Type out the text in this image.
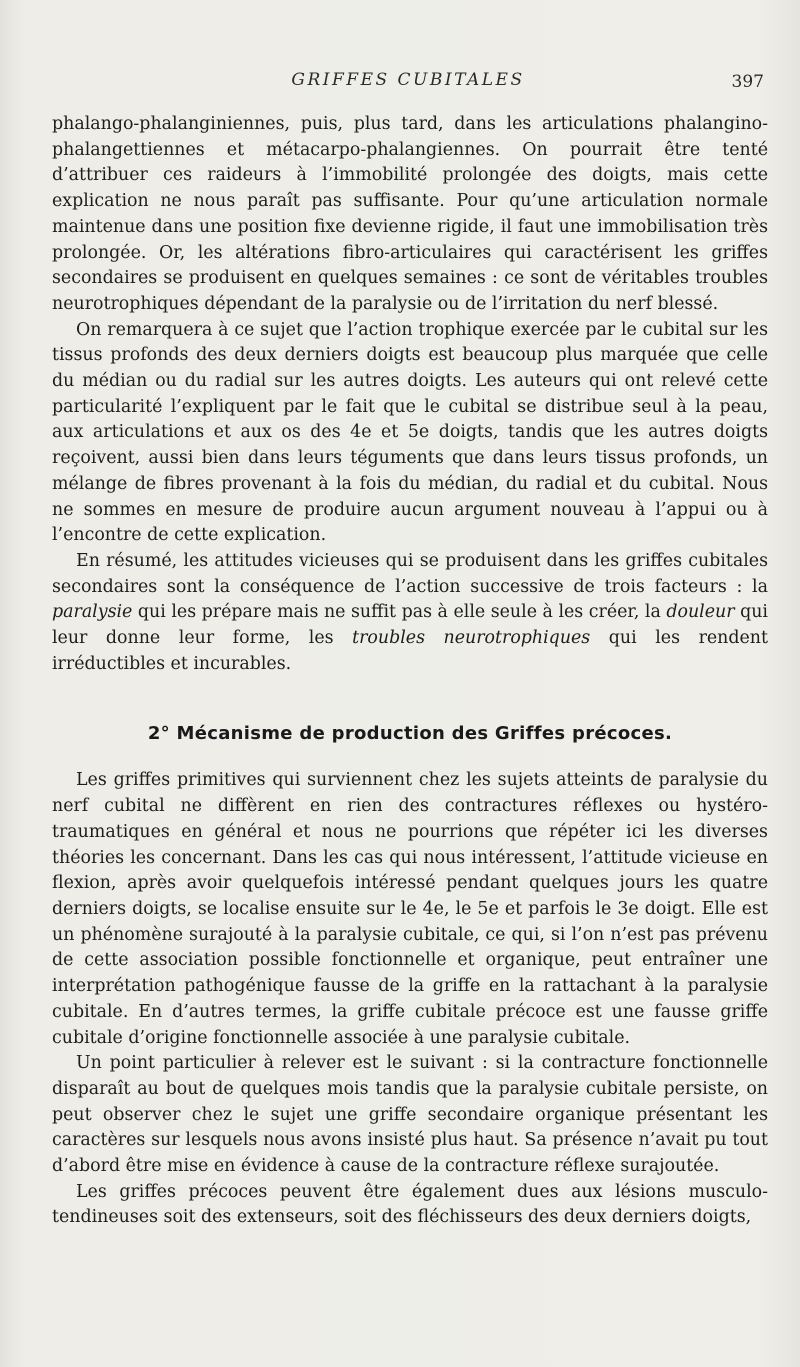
GRIFFES CUBITALES	397

phalango-phalanginiennes, puis, plus tard, dans les articulations phalangino-phalangettiennes et métacarpo-phalangiennes. On pourrait être tenté d’attribuer ces raideurs à l’immobilité prolongée des doigts, mais cette explication ne nous paraît pas suffisante. Pour qu’une articulation normale maintenue dans une position fixe devienne rigide, il faut une immobilisation très prolongée. Or, les altérations fibro-articulaires qui caractérisent les griffes secondaires se produisent en quelques semaines : ce sont de véritables troubles neurotrophiques dépendant de la paralysie ou de l’irritation du nerf blessé.

On remarquera à ce sujet que l’action trophique exercée par le cubital sur les tissus profonds des deux derniers doigts est beaucoup plus marquée que celle du médian ou du radial sur les autres doigts. Les auteurs qui ont relevé cette particularité l’expliquent par le fait que le cubital se distribue seul à la peau, aux articulations et aux os des 4e et 5e doigts, tandis que les autres doigts reçoivent, aussi bien dans leurs téguments que dans leurs tissus profonds, un mélange de fibres provenant à la fois du médian, du radial et du cubital. Nous ne sommes en mesure de produire aucun argument nouveau à l’appui ou à l’encontre de cette explication.

En résumé, les attitudes vicieuses qui se produisent dans les griffes cubitales secondaires sont la conséquence de l’action successive de trois facteurs : la paralysie qui les prépare mais ne suffit pas à elle seule à les créer, la douleur qui leur donne leur forme, les troubles neurotrophiques qui les rendent irréductibles et incurables.

2° Mécanisme de production des Griffes précoces.

Les griffes primitives qui surviennent chez les sujets atteints de paralysie du nerf cubital ne diffèrent en rien des contractures réflexes ou hystéro-traumatiques en général et nous ne pourrions que répéter ici les diverses théories les concernant. Dans les cas qui nous intéressent, l’attitude vicieuse en flexion, après avoir quelquefois intéressé pendant quelques jours les quatre derniers doigts, se localise ensuite sur le 4e, le 5e et parfois le 3e doigt. Elle est un phénomène surajouté à la paralysie cubitale, ce qui, si l’on n’est pas prévenu de cette association possible fonctionnelle et organique, peut entraîner une interprétation pathogénique fausse de la griffe en la rattachant à la paralysie cubitale. En d’autres termes, la griffe cubitale précoce est une fausse griffe cubitale d’origine fonctionnelle associée à une paralysie cubitale.

Un point particulier à relever est le suivant : si la contracture fonctionnelle disparaît au bout de quelques mois tandis que la paralysie cubitale persiste, on peut observer chez le sujet une griffe secondaire organique présentant les caractères sur lesquels nous avons insisté plus haut. Sa présence n’avait pu tout d’abord être mise en évidence à cause de la contracture réflexe surajoutée.

Les griffes précoces peuvent être également dues aux lésions musculo-tendineuses soit des extenseurs, soit des fléchisseurs des deux derniers doigts,
